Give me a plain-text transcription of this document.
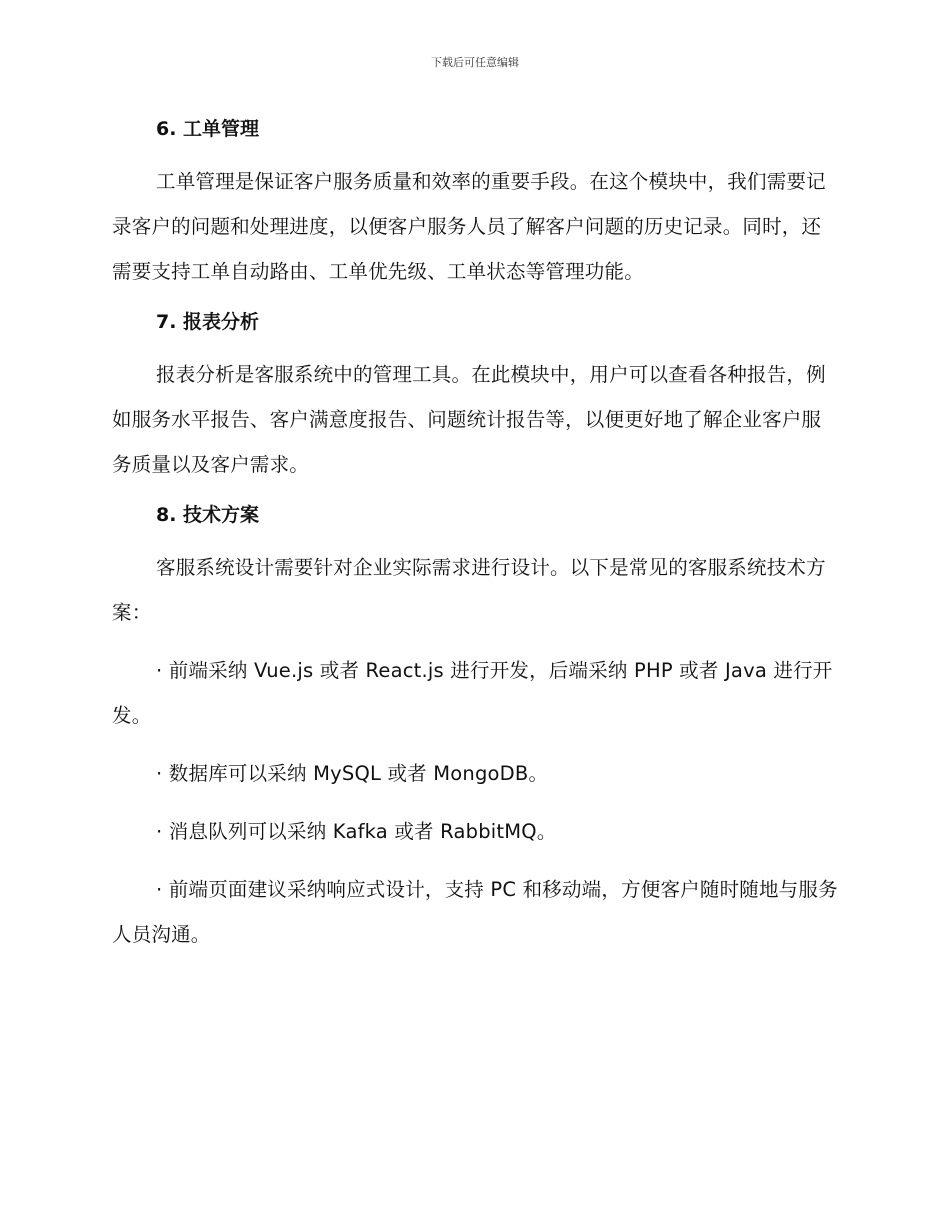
下载后可任意编辑
6. 工单管理

工单管理是保证客户服务质量和效率的重要手段。在这个模块中，我们需要记录客户的问题和处理进度，以便客户服务人员了解客户问题的历史记录。同时，还需要支持工单自动路由、工单优先级、工单状态等管理功能。

7. 报表分析

报表分析是客服系统中的管理工具。在此模块中，用户可以查看各种报告，例如服务水平报告、客户满意度报告、问题统计报告等，以便更好地了解企业客户服务质量以及客户需求。

8. 技术方案

客服系统设计需要针对企业实际需求进行设计。以下是常见的客服系统技术方案：

· 前端采纳 Vue.js 或者 React.js 进行开发，后端采纳 PHP 或者 Java 进行开发。

· 数据库可以采纳 MySQL 或者 MongoDB。

· 消息队列可以采纳 Kafka 或者 RabbitMQ。

· 前端页面建议采纳响应式设计，支持 PC 和移动端，方便客户随时随地与服务人员沟通。
